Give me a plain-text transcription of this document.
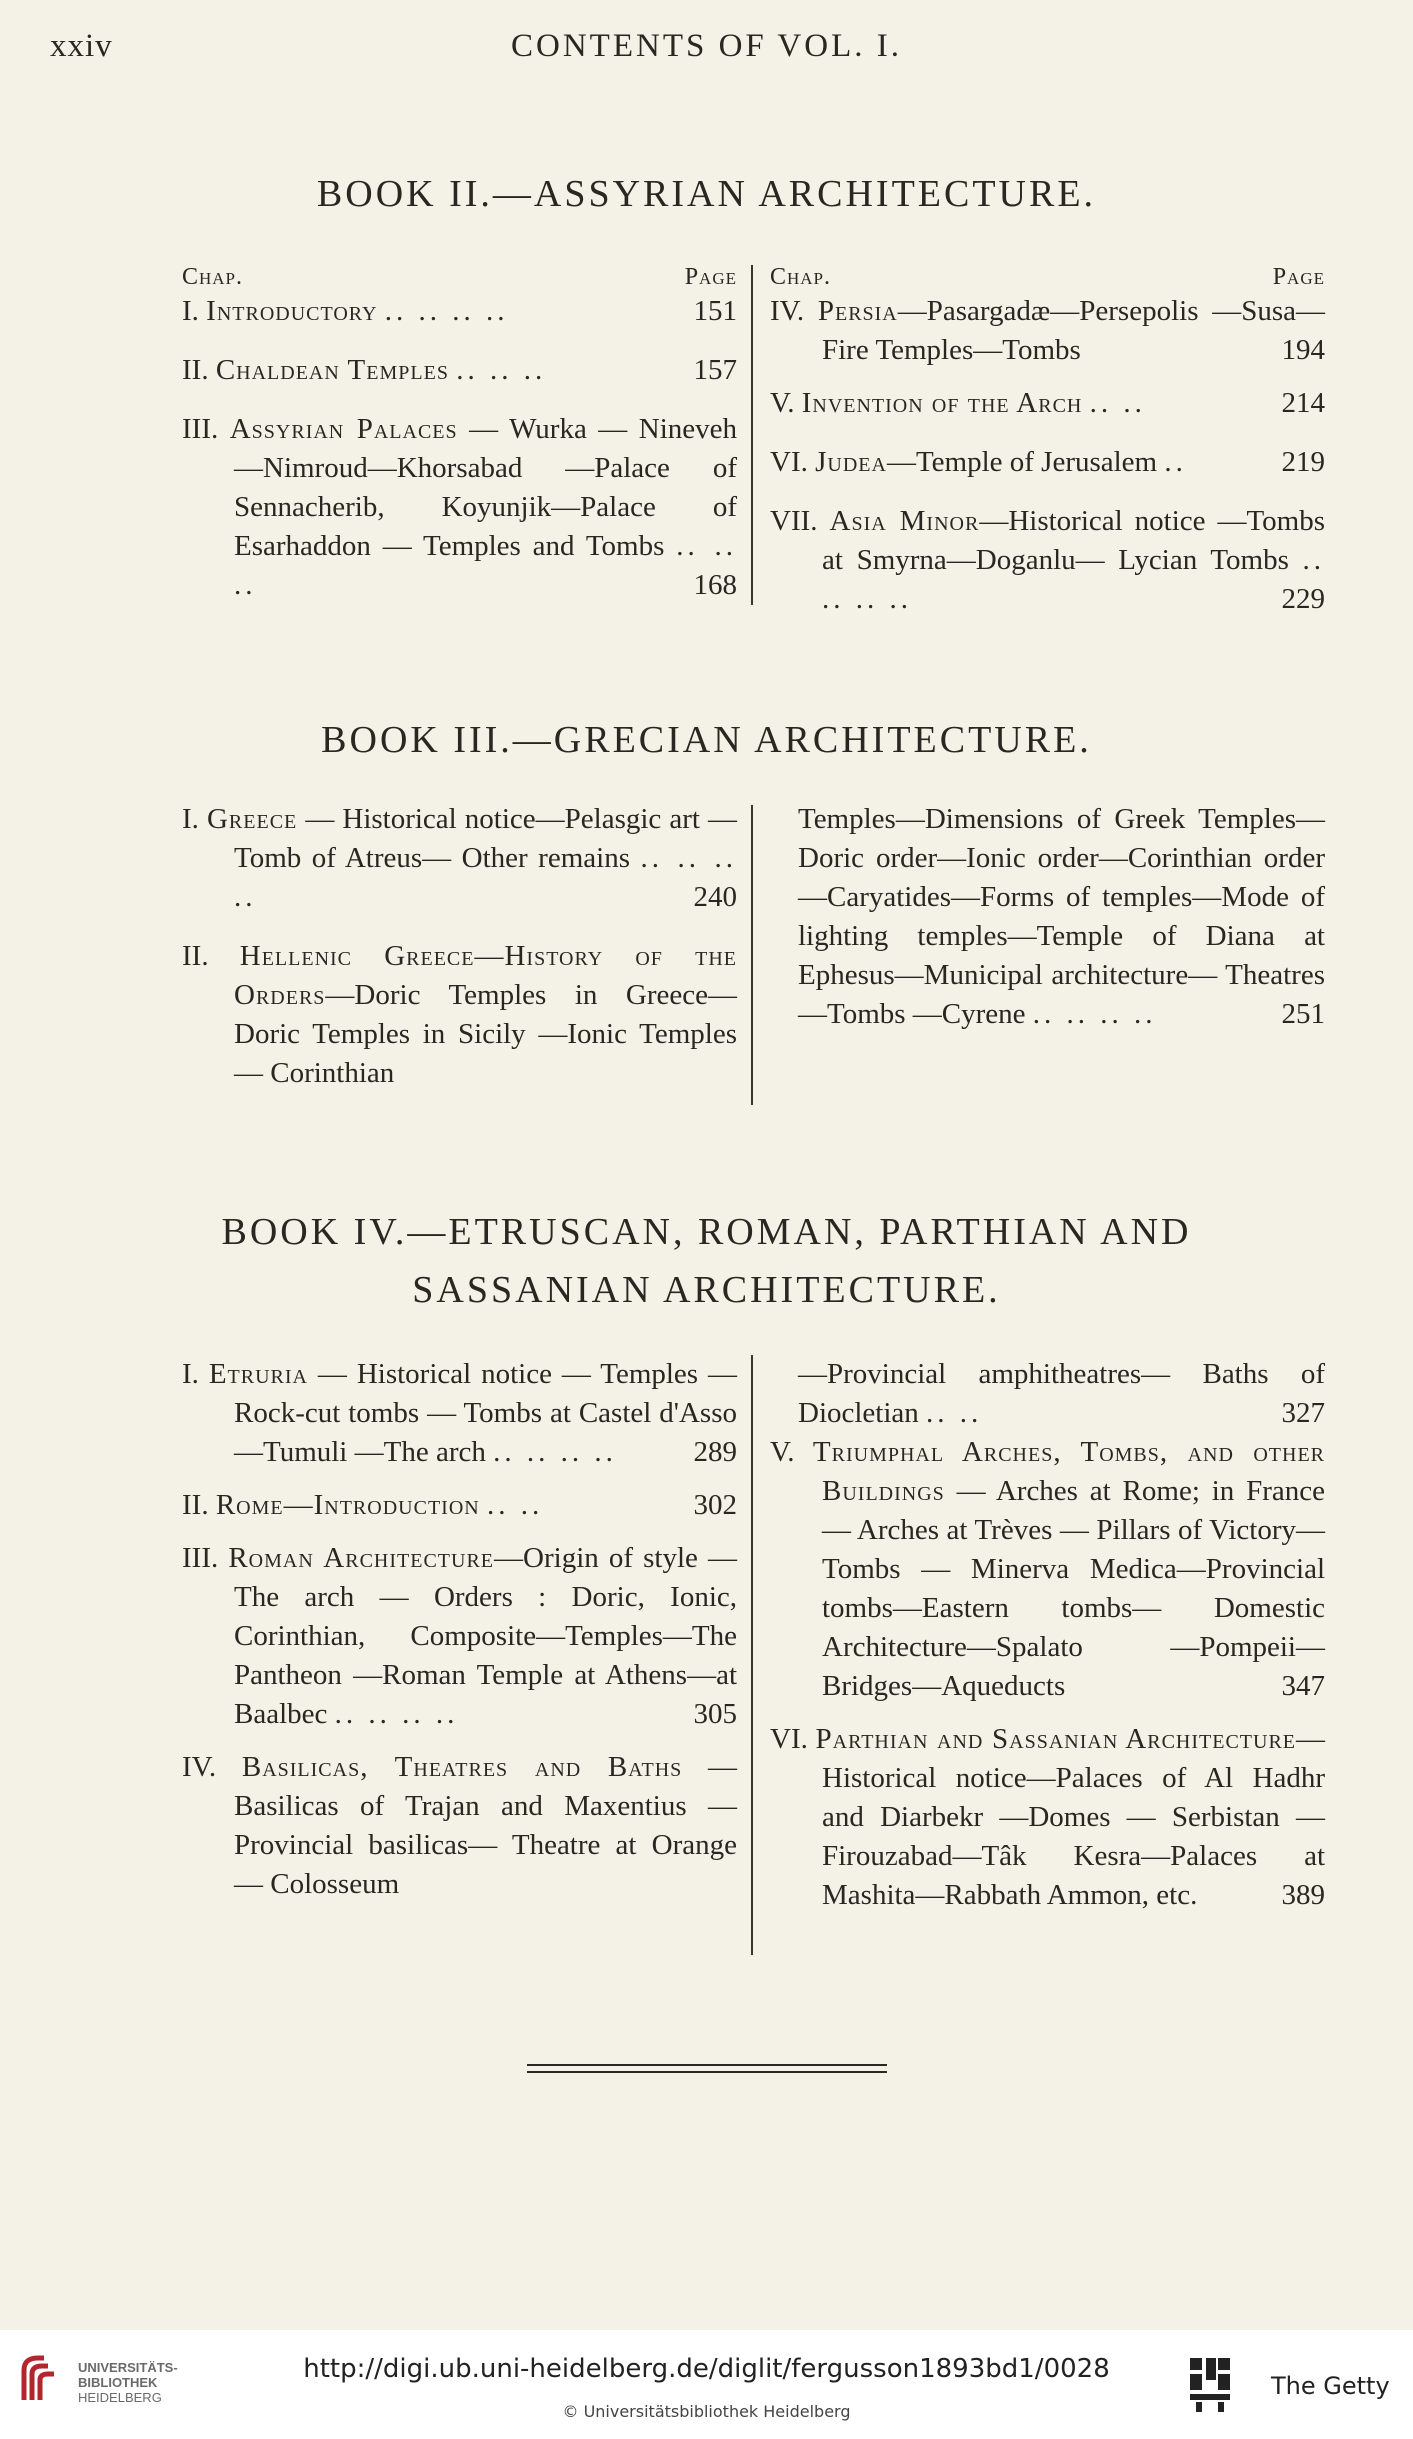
xxiv	CONTENTS OF VOL. I.
BOOK II.—ASSYRIAN ARCHITECTURE.
Chap.	Page
I. Introductory .. .. .. ..	151
II. Chaldean Temples .. .. ..	157
III. Assyrian Palaces — Wurka — Nineveh—Nimroud—Khorsabad —Palace of Sennacherib, Koyunjik—Palace of Esarhaddon — Temples and Tombs .. .. ..	168
Chap.	Page
IV. Persia—Pasargadæ—Persepolis —Susa—Fire Temples—Tombs	194
V. Invention of the Arch .. ..	214
VI. Judea—Temple of Jerusalem ..	219
VII. Asia Minor—Historical notice —Tombs at Smyrna—Doganlu— Lycian Tombs .. .. .. ..	229
BOOK III.—GRECIAN ARCHITECTURE.
I. Greece — Historical notice—Pelasgic art — Tomb of Atreus— Other remains .. .. .. ..	240
II. Hellenic Greece—History of the Orders—Doric Temples in Greece—Doric Temples in Sicily —Ionic Temples — Corinthian
Temples—Dimensions of Greek Temples—Doric order—Ionic order—Corinthian order—Caryatides—Forms of temples—Mode of lighting temples—Temple of Diana at Ephesus—Municipal architecture— Theatres—Tombs —Cyrene .. .. .. ..	251
BOOK IV.—ETRUSCAN, ROMAN, PARTHIAN AND
SASSANIAN ARCHITECTURE.
I. Etruria — Historical notice — Temples — Rock-cut tombs — Tombs at Castel d'Asso—Tumuli —The arch .. .. .. ..	289
II. Rome—Introduction .. ..	302
III. Roman Architecture—Origin of style — The arch — Orders : Doric, Ionic, Corinthian, Composite—Temples—The Pantheon —Roman Temple at Athens—at Baalbec .. .. .. ..	305
IV. Basilicas, Theatres and Baths —Basilicas of Trajan and Maxentius — Provincial basilicas— Theatre at Orange — Colosseum
—Provincial amphitheatres— Baths of Diocletian .. ..	327
V. Triumphal Arches, Tombs, and other Buildings — Arches at Rome; in France — Arches at Trèves — Pillars of Victory— Tombs — Minerva Medica—Provincial tombs—Eastern tombs— Domestic Architecture—Spalato —Pompeii—Bridges—Aqueducts	347
VI. Parthian and Sassanian Architecture—Historical notice—Palaces of Al Hadhr and Diarbekr —Domes — Serbistan — Firouzabad—Tâk Kesra—Palaces at Mashita—Rabbath Ammon, etc.	389
UNIVERSITÄTS-
BIBLIOTHEK
HEIDELBERG
http://digi.ub.uni-heidelberg.de/diglit/fergusson1893bd1/0028
© Universitätsbibliothek Heidelberg
The Getty
